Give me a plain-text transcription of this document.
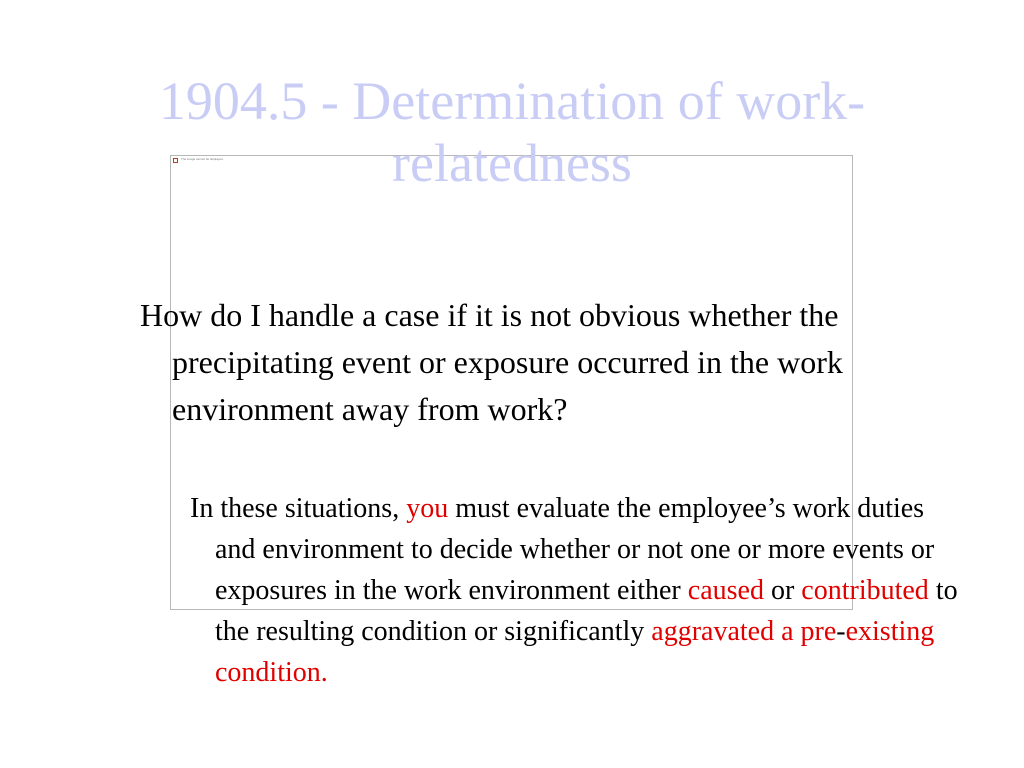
The image cannot be displayed.
1904.5 - Determination of work-relatedness

How do I handle a case if it is not obvious whether the precipitating event or exposure occurred in the work environment away from work?

In these situations, you must evaluate the employee’s work duties and environment to decide whether or not one or more events or exposures in the work environment either caused or contributed to the resulting condition or significantly aggravated a pre-existing condition.
